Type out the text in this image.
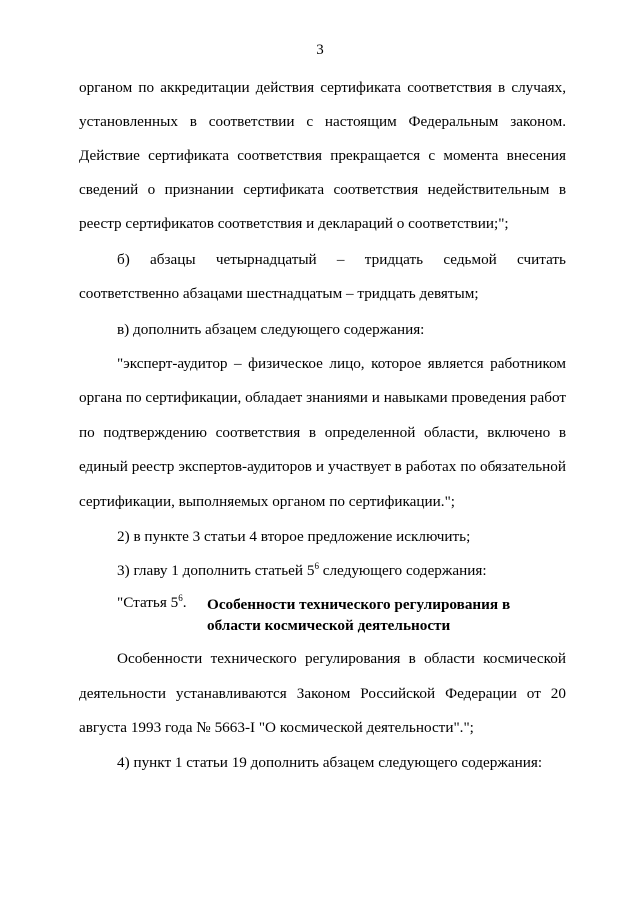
3
органом по аккредитации действия сертификата соответствия в случаях,
установленных в соответствии с настоящим Федеральным законом.
Действие сертификата соответствия прекращается с момента внесения
сведений о признании сертификата соответствия недействительным в
реестр сертификатов соответствия и деклараций о соответствии;";
б) абзацы четырнадцатый – тридцать седьмой считать
соответственно абзацами шестнадцатым – тридцать девятым;
в) дополнить абзацем следующего содержания:
"эксперт-аудитор – физическое лицо, которое является работником
органа по сертификации, обладает знаниями и навыками проведения работ
по подтверждению соответствия в определенной области, включено в
единый реестр экспертов-аудиторов и участвует в работах по обязательной
сертификации, выполняемых органом по сертификации.";
2) в пункте 3 статьи 4 второе предложение исключить;
3) главу 1 дополнить статьей $5^6$ следующего содержания:
"Статья $5^6$. Особенности технического регулирования в
области космической деятельности
Особенности технического регулирования в области космической
деятельности устанавливаются Законом Российской Федерации от 20
августа 1993 года № 5663-I "О космической деятельности".";
4) пункт 1 статьи 19 дополнить абзацем следующего содержания:
